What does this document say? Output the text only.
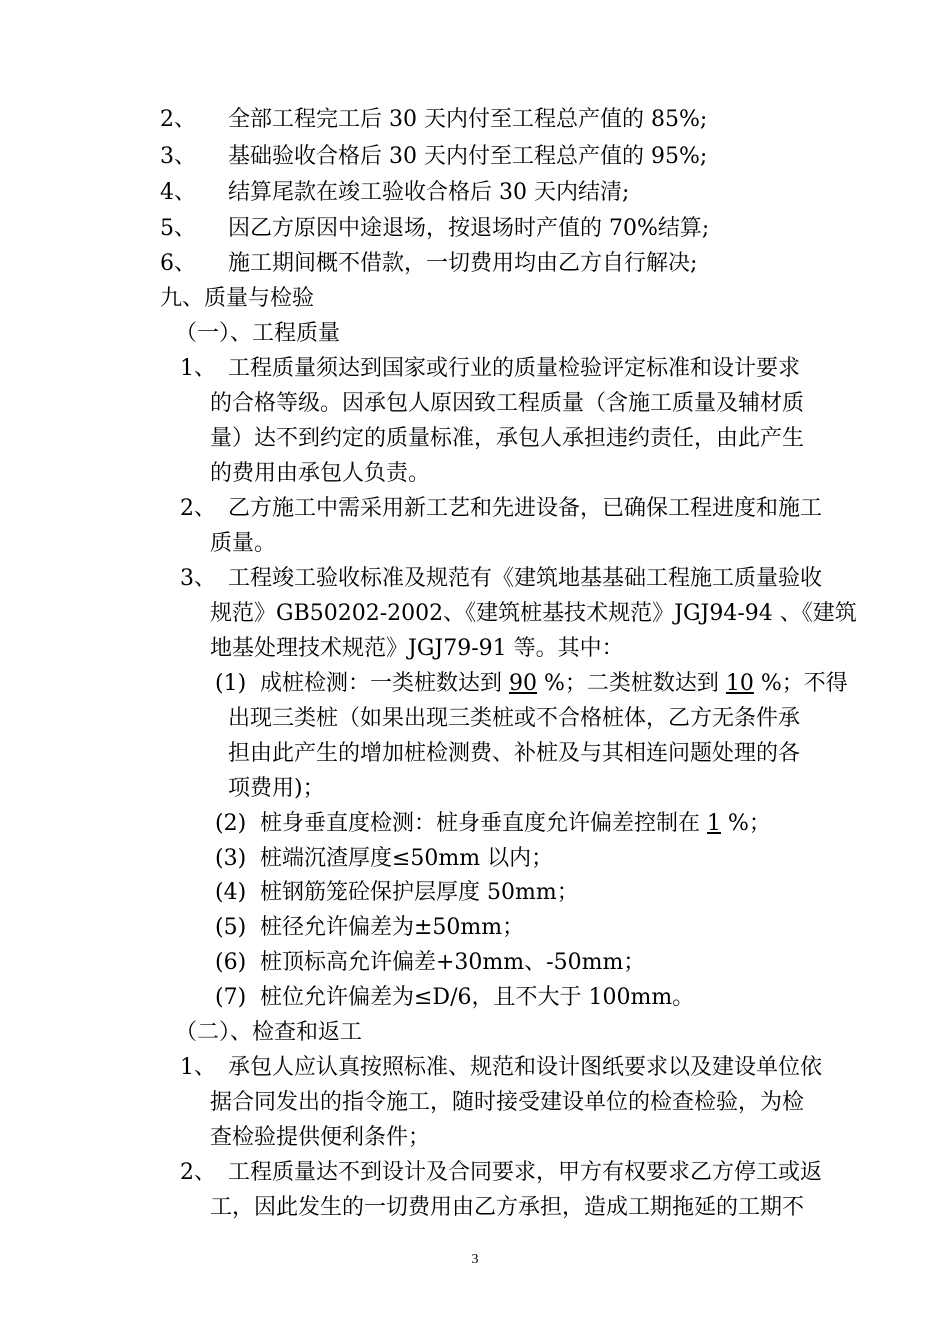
2、 全部工程完工后 30 天内付至工程总产值的 85%;
3、 基础验收合格后 30 天内付至工程总产值的 95%;
4、 结算尾款在竣工验收合格后 30 天内结清;
5、 因乙方原因中途退场，按退场时产值的 70%结算;
6、 施工期间概不借款，一切费用均由乙方自行解决;
九、质量与检验
（一）、工程质量
1、 工程质量须达到国家或行业的质量检验评定标准和设计要求
的合格等级。因承包人原因致工程质量（含施工质量及辅材质
量）达不到约定的质量标准，承包人承担违约责任，由此产生
的费用由承包人负责。
2、 乙方施工中需采用新工艺和先进设备，已确保工程进度和施工
质量。
3、 工程竣工验收标准及规范有《建筑地基基础工程施工质量验收
规范》GB50202-2002、《建筑桩基技术规范》JGJ94-94 、《建筑
地基处理技术规范》JGJ79-91 等。其中：
(1) 成桩检测：一类桩数达到 90 %；二类桩数达到 10 %；不得
出现三类桩（如果出现三类桩或不合格桩体，乙方无条件承
担由此产生的增加桩检测费、补桩及与其相连问题处理的各
项费用)；
(2) 桩身垂直度检测：桩身垂直度允许偏差控制在 1 %；
(3) 桩端沉渣厚度≤50mm 以内；
(4) 桩钢筋笼砼保护层厚度 50mm；
(5) 桩径允许偏差为±50mm；
(6) 桩顶标高允许偏差+30mm、-50mm；
(7) 桩位允许偏差为≤D/6，且不大于 100mm。
（二）、检查和返工
1、 承包人应认真按照标准、规范和设计图纸要求以及建设单位依
据合同发出的指令施工，随时接受建设单位的检查检验，为检
查检验提供便利条件；
2、 工程质量达不到设计及合同要求，甲方有权要求乙方停工或返
工，因此发生的一切费用由乙方承担，造成工期拖延的工期不
3
